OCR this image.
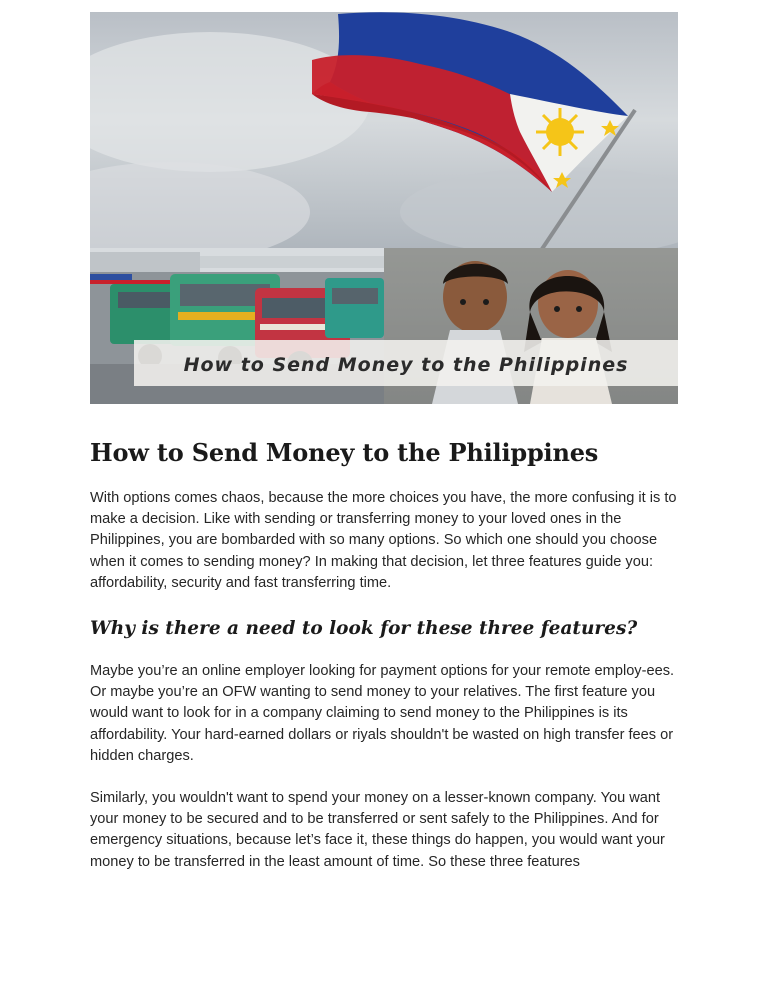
How to Send Money to the Philippines
How to Send Money to the Philippines

With options comes chaos, because the more choices you have, the more confusing it is to make a decision. Like with sending or transferring money to your loved ones in the Philippines, you are bombarded with so many options. So which one should you choose when it comes to sending money? In making that decision, let three features guide you: affordability, security and fast transferring time.

Why is there a need to look for these three features?

Maybe you’re an online employer looking for payment options for your remote employ-ees. Or maybe you’re an OFW wanting to send money to your relatives. The first feature you would want to look for in a company claiming to send money to the Philippines is its affordability. Your hard-earned dollars or riyals shouldn't be wasted on high transfer fees or hidden charges.

Similarly, you wouldn't want to spend your money on a lesser-known company. You want your money to be secured and to be transferred or sent safely to the Philippines. And for emergency situations, because let’s face it, these things do happen, you would want your money to be transferred in the least amount of time. So these three features
